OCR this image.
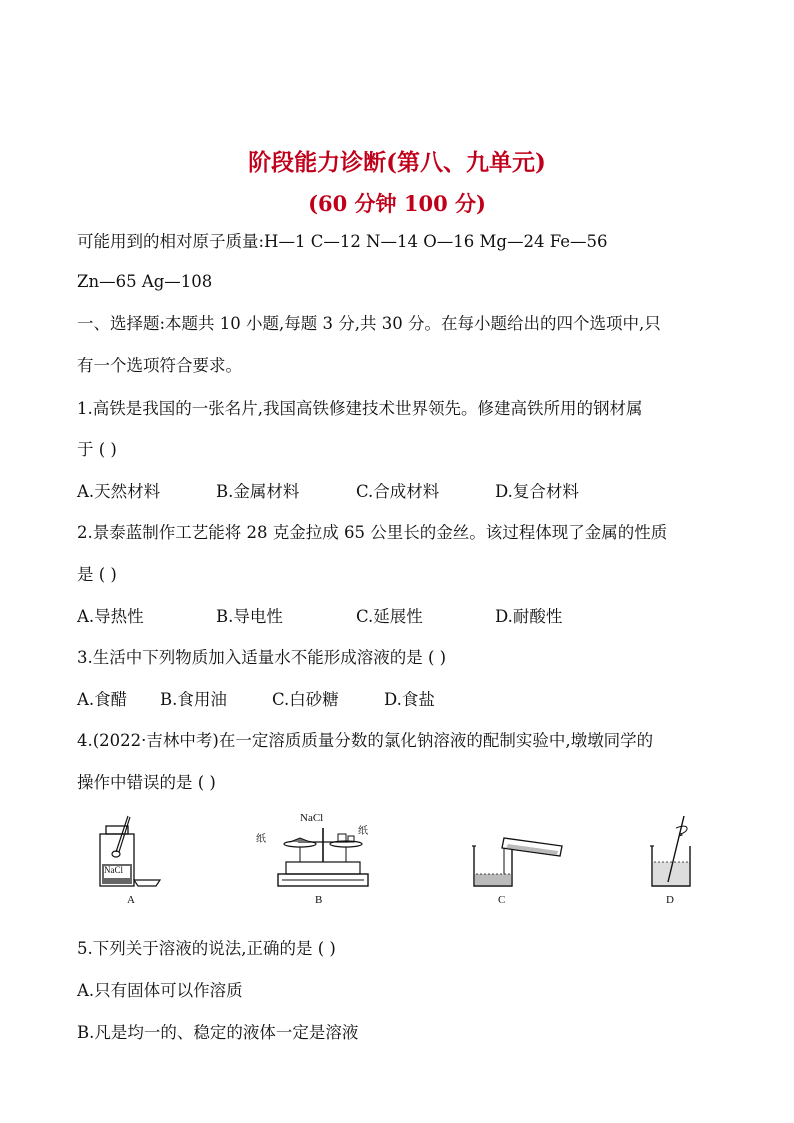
阶段能力诊断(第八、九单元)
(60 分钟 100 分)
可能用到的相对原子质量:H—1 C—12 N—14 O—16 Mg—24 Fe—56
Zn—65 Ag—108
一、选择题:本题共 10 小题,每题 3 分,共 30 分。在每小题给出的四个选项中,只
有一个选项符合要求。
1.高铁是我国的一张名片,我国高铁修建技术世界领先。修建高铁所用的钢材属
于 ( )
A.天然材料	B.金属材料	C.合成材料	D.复合材料
2.景泰蓝制作工艺能将 28 克金拉成 65 公里长的金丝。该过程体现了金属的性质
是 ( )
A.导热性	B.导电性	C.延展性	D.耐酸性
3.生活中下列物质加入适量水不能形成溶液的是 ( )
A.食醋 B.食用油	C.白砂糖	D.食盐
4.(2022·吉林中考)在一定溶质质量分数的氯化钠溶液的配制实验中,墩墩同学的
操作中错误的是 ( )
NaCl
A
NaCl
纸
纸
B	C	D
5.下列关于溶液的说法,正确的是 ( )
A.只有固体可以作溶质
B.凡是均一的、稳定的液体一定是溶液
